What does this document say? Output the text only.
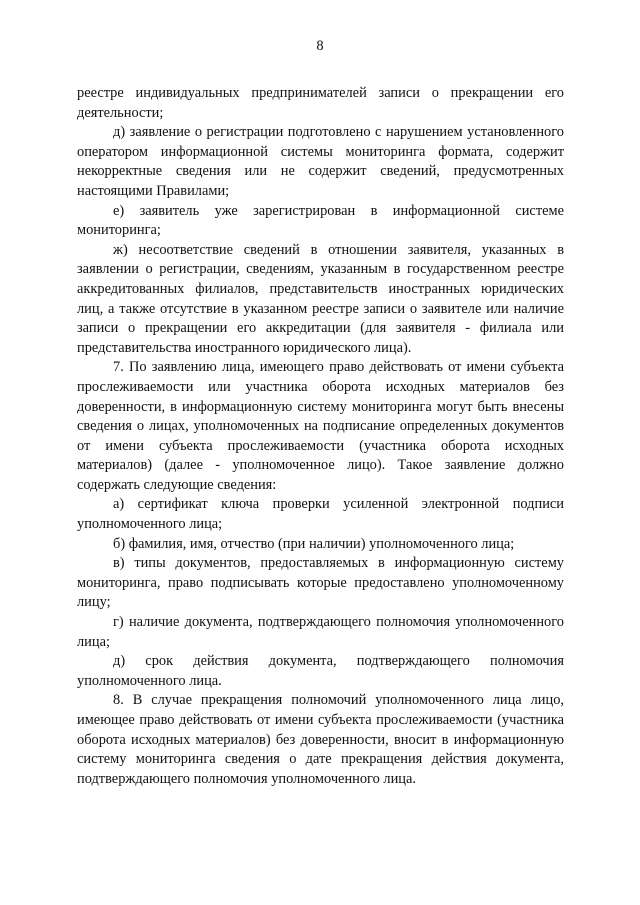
8

реестре индивидуальных предпринимателей записи о прекращении его деятельности;

д) заявление о регистрации подготовлено с нарушением установленного оператором информационной системы мониторинга формата, содержит некорректные сведения или не содержит сведений, предусмотренных настоящими Правилами;

е) заявитель уже зарегистрирован в информационной системе мониторинга;

ж) несоответствие сведений в отношении заявителя, указанных в заявлении о регистрации, сведениям, указанным в государственном реестре аккредитованных филиалов, представительств иностранных юридических лиц, а также отсутствие в указанном реестре записи о заявителе или наличие записи о прекращении его аккредитации (для заявителя - филиала или представительства иностранного юридического лица).

7. По заявлению лица, имеющего право действовать от имени субъекта прослеживаемости или участника оборота исходных материалов без доверенности, в информационную систему мониторинга могут быть внесены сведения о лицах, уполномоченных на подписание определенных документов от имени субъекта прослеживаемости (участника оборота исходных материалов) (далее - уполномоченное лицо). Такое заявление должно содержать следующие сведения:

а) сертификат ключа проверки усиленной электронной подписи уполномоченного лица;

б) фамилия, имя, отчество (при наличии) уполномоченного лица;

в) типы документов, предоставляемых в информационную систему мониторинга, право подписывать которые предоставлено уполномоченному лицу;

г) наличие документа, подтверждающего полномочия уполномоченного лица;

д) срок действия документа, подтверждающего полномочия уполномоченного лица.

8. В случае прекращения полномочий уполномоченного лица лицо, имеющее право действовать от имени субъекта прослеживаемости (участника оборота исходных материалов) без доверенности, вносит в информационную систему мониторинга сведения о дате прекращения действия документа, подтверждающего полномочия уполномоченного лица.
